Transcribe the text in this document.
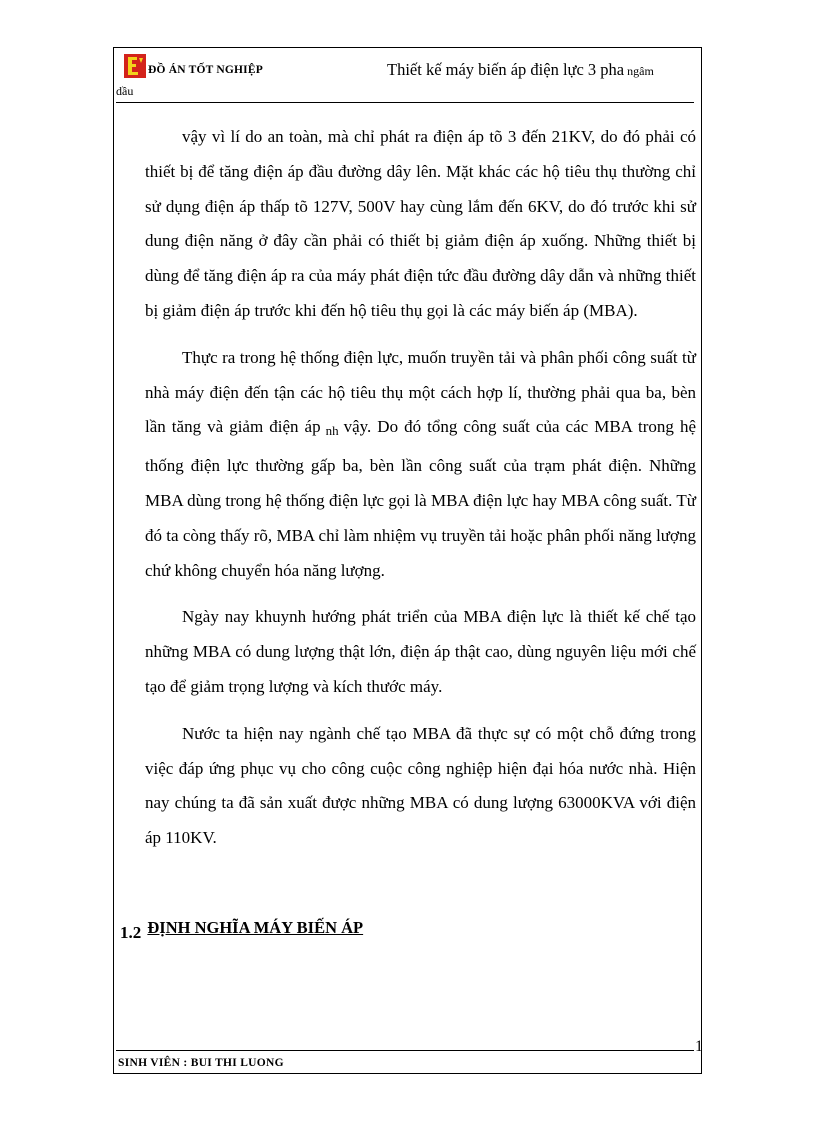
ĐỒ ÁN TỐT NGHIỆP	Thiết kế máy biến áp điện lực 3 pha ngâm
dầu

vậy vì lí do an toàn, mà chỉ phát ra điện áp tõ 3 đến 21KV, do đó phải có thiết bị để tăng điện áp đầu đường dây lên. Mặt khác các hộ tiêu thụ thường chỉ sử dụng điện áp thấp tõ 127V, 500V hay cùng lắm đến 6KV, do đó trước khi sử dung điện năng ở đây cần phải có thiết bị giảm điện áp xuống. Những thiết bị dùng để tăng điện áp ra của máy phát điện tức đầu đường dây dẫn và những thiết bị giảm điện áp trước khi đến hộ tiêu thụ gọi là các máy biến áp (MBA).

Thực ra trong hệ thống điện lực, muốn truyền tải và phân phối công suất từ nhà máy điện đến tận các hộ tiêu thụ một cách hợp lí, thường phải qua ba, bèn lần tăng và giảm điện áp $_{nh}$ vậy. Do đó tổng công suất của các MBA trong hệ thống điện lực thường gấp ba, bèn lần công suất của trạm phát điện. Những MBA dùng trong hệ thống điện lực gọi là MBA điện lực hay MBA công suất. Từ đó ta còng thấy rõ, MBA chỉ làm nhiệm vụ truyền tải hoặc phân phối năng lượng chứ không chuyển hóa năng lượng.

Ngày nay khuynh hướng phát triển của MBA điện lực là thiết kế chế tạo những MBA có dung lượng thật lớn, điện áp thật cao, dùng nguyên liệu mới chế tạo để giảm trọng lượng và kích thước máy.

Nước ta hiện nay ngành chế tạo MBA đã thực sự có một chỗ đứng trong việc đáp ứng phục vụ cho công cuộc công nghiệp hiện đại hóa nước nhà. Hiện nay chúng ta đã sản xuất được những MBA có dung lượng 63000KVA với điện áp 110KV.

1.2 ĐỊNH NGHĨA MÁY BIẾN ÁP
1
SINH VIÊN : BUI THI LUONG
